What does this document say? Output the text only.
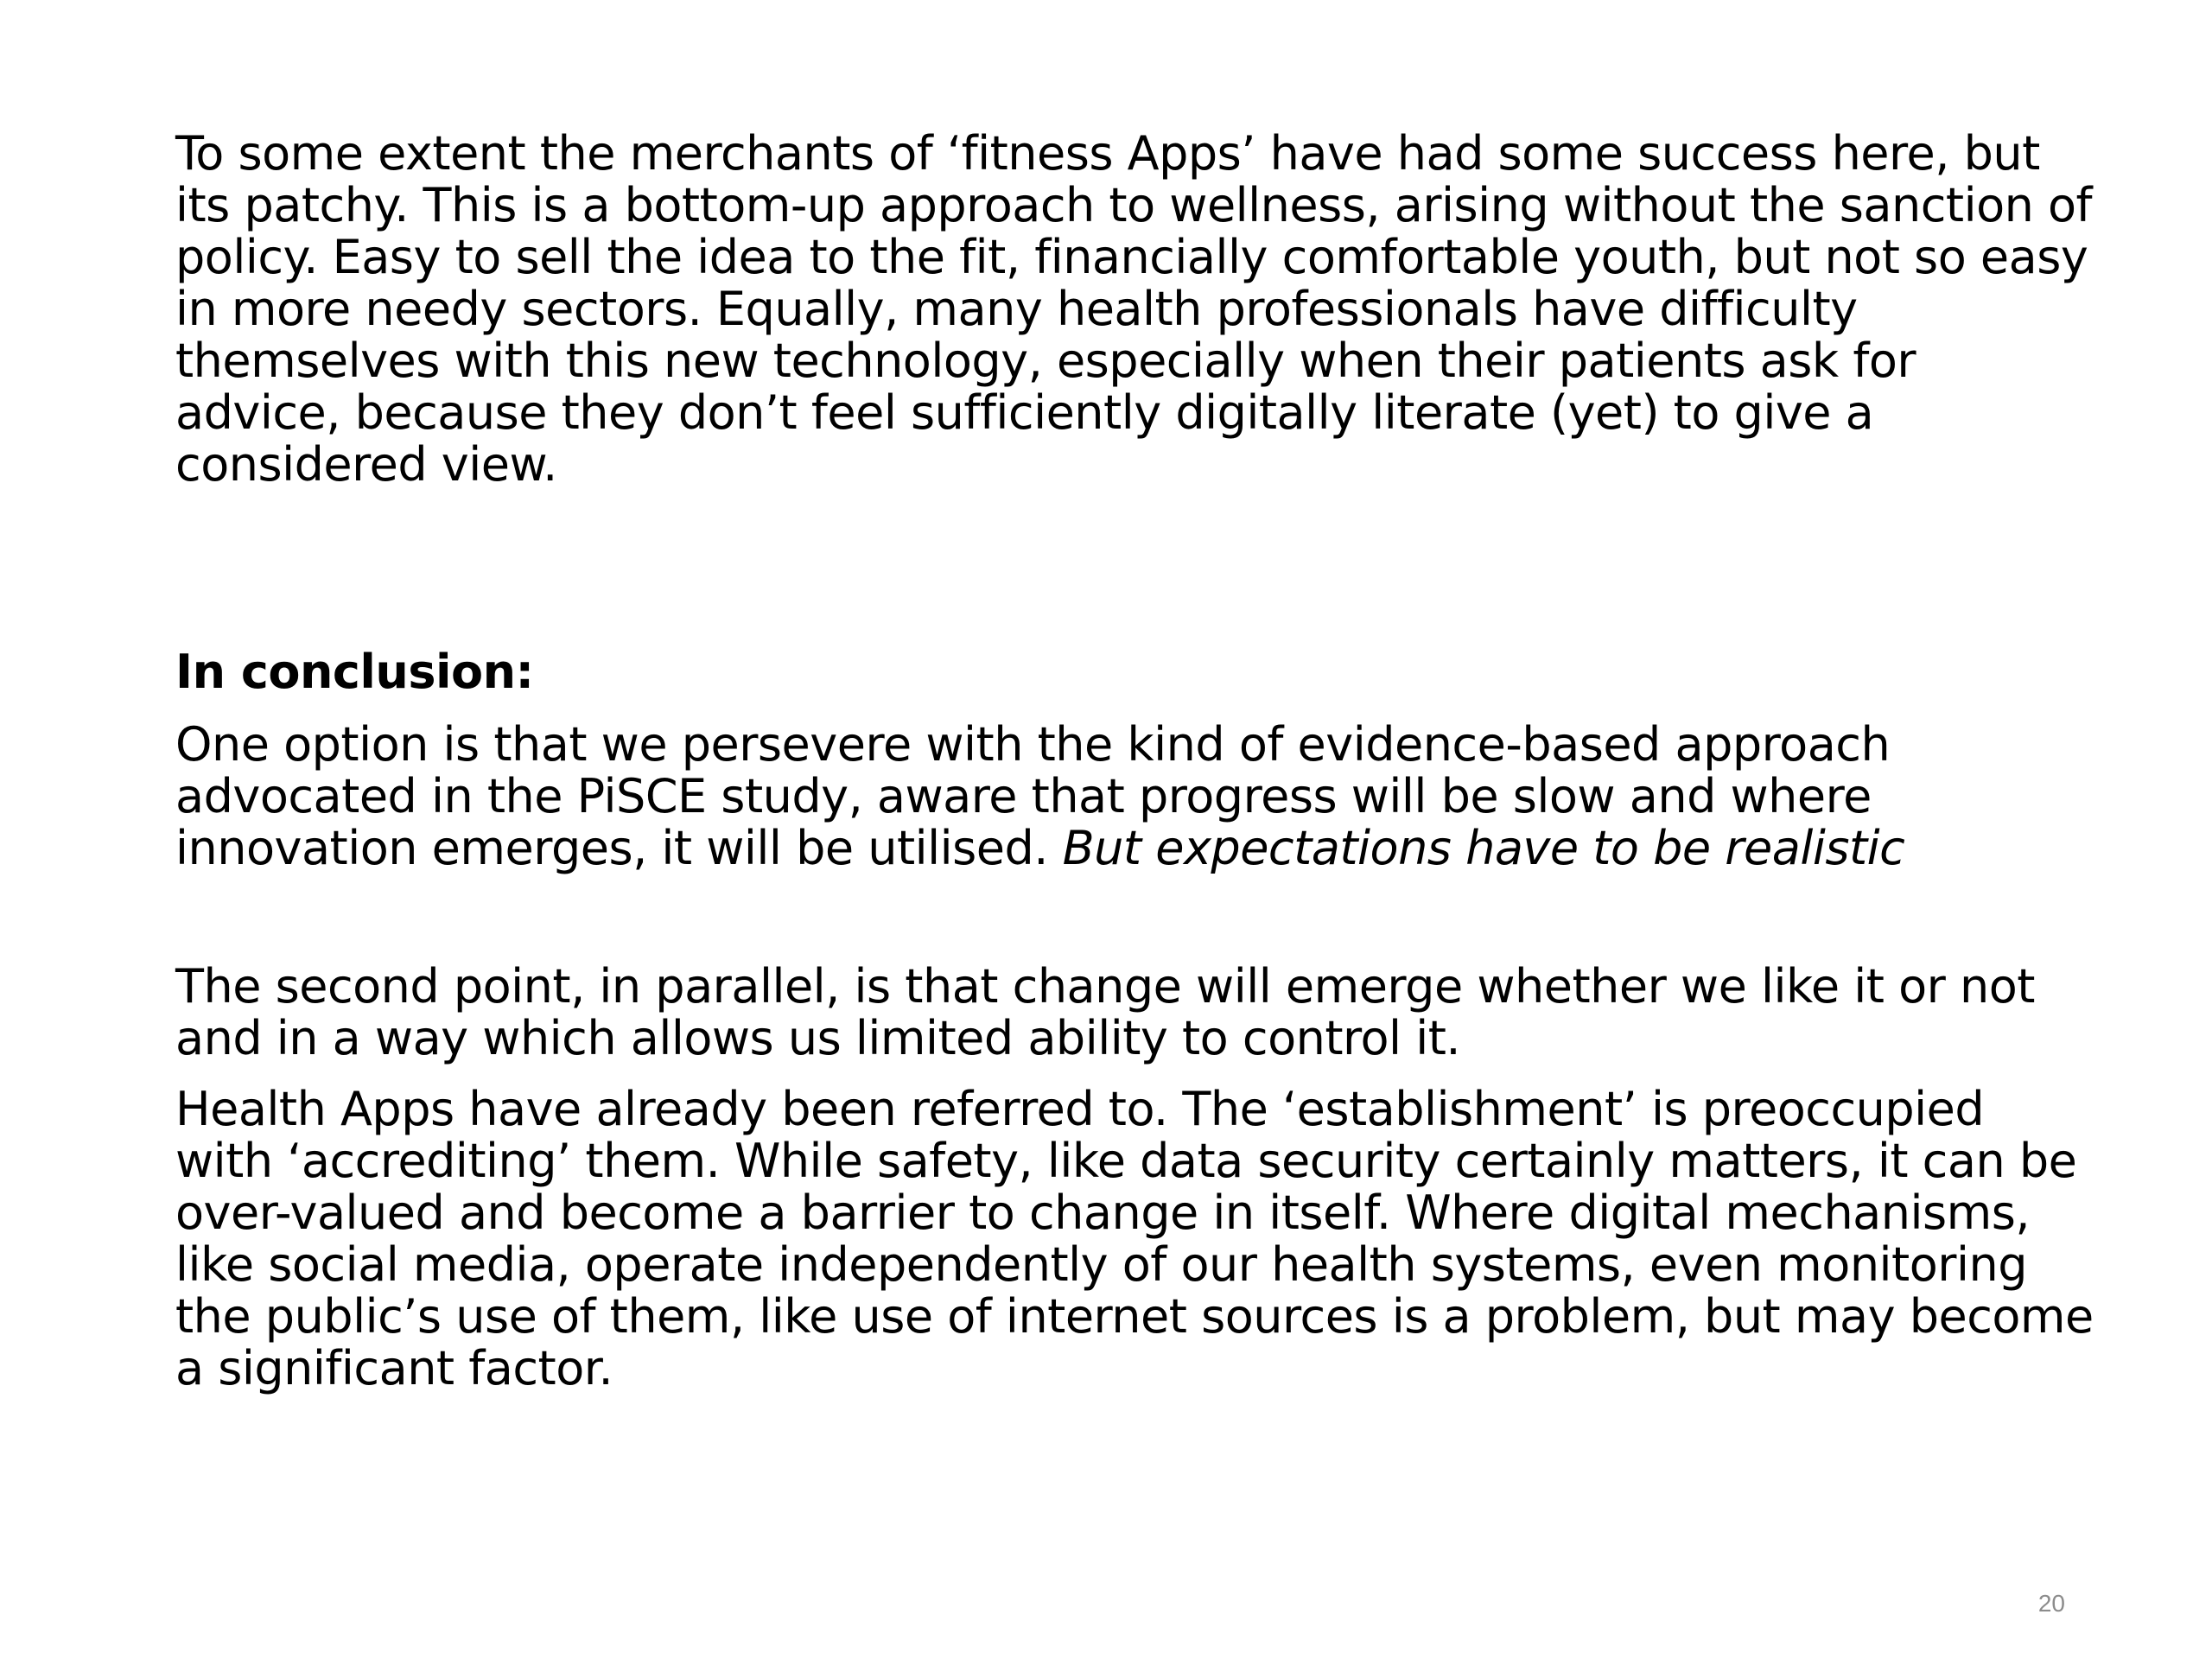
To some extent the merchants of ‘fitness Apps’ have had some success here, but its patchy. This is a bottom-up approach to wellness, arising without the sanction of policy. Easy to sell the idea to the fit, financially comfortable youth, but not so easy in more needy sectors. Equally, many health professionals have difficulty themselves with this new technology, especially when their patients ask for advice, because they don’t feel sufficiently digitally literate (yet) to give a considered view.

In conclusion:

One option is that we persevere with the kind of evidence-based approach advocated in the PiSCE study, aware that progress will be slow and where innovation emerges, it will be utilised. But expectations have to be realistic

The second point, in parallel, is that change will emerge whether we like it or not and in a way which allows us limited ability to control it.

Health Apps have already been referred to. The ‘establishment’ is preoccupied with ‘accrediting’ them. While safety, like data security certainly matters, it can be over-valued and become a barrier to change in itself. Where digital mechanisms, like social media, operate independently of our health systems, even monitoring the public’s use of them, like use of internet sources is a problem, but may become a significant factor.

20
